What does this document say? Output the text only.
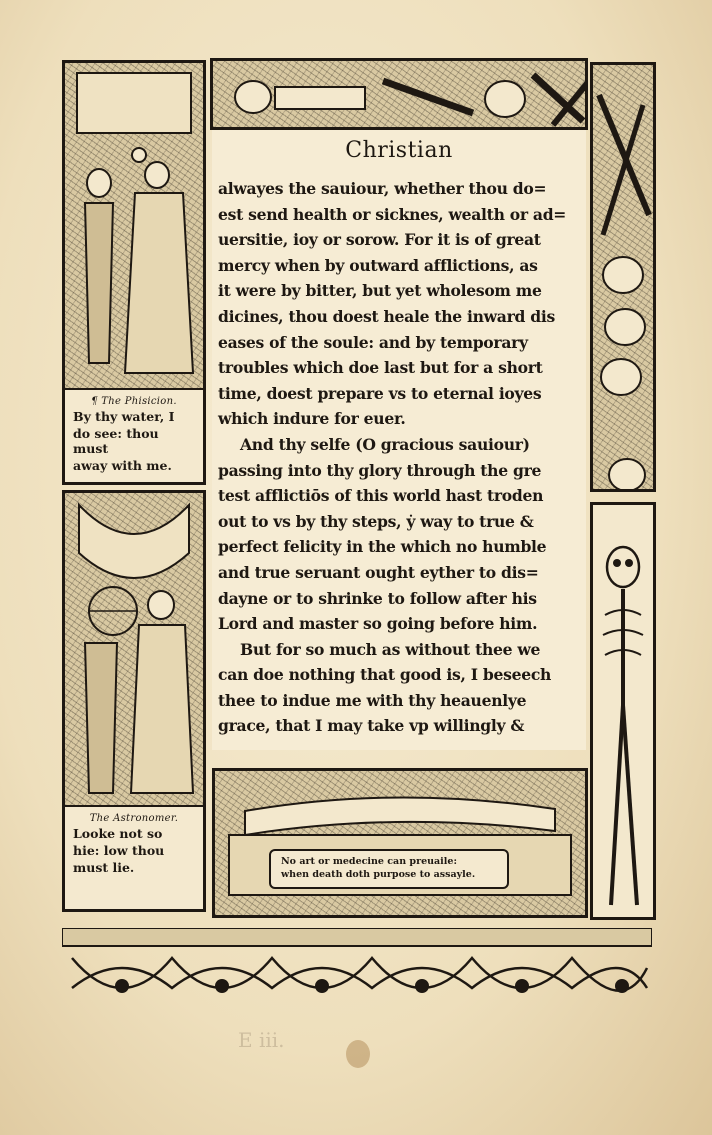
¶ The Phisicion.
By thy water, I
do see: thou must
away with me.
The Astronomer.
Looke not so
hie: low thou
must lie.
Christian
alwayes the sauiour, whether thou do=
est send health or sicknes, wealth or ad=
uersitie, ioy or sorow. For it is of great
mercy when by outward afflictions, as
it were by bitter, but yet wholesom me
dicines, thou doest heale the inward dis
eases of the soule: and by temporary
troubles which doe last but for a short
time, doest prepare vs to eternal ioyes
which indure for euer.
And thy selfe (O gracious sauiour)
passing into thy glory through the gre
test afflictiōs of this world hast troden
out to vs by thy steps, ẏ way to true &
perfect felicity in the which no humble
and true seruant ought eyther to dis=
dayne or to shrinke to follow after his
Lord and master so going before him.
But for so much as without thee we
can doe nothing that good is, I beseech
thee to indue me with thy heauenlye
grace, that I may take vp willingly &
No art or medecine can preuaile:
when death doth purpose to assayle.
E iii.
